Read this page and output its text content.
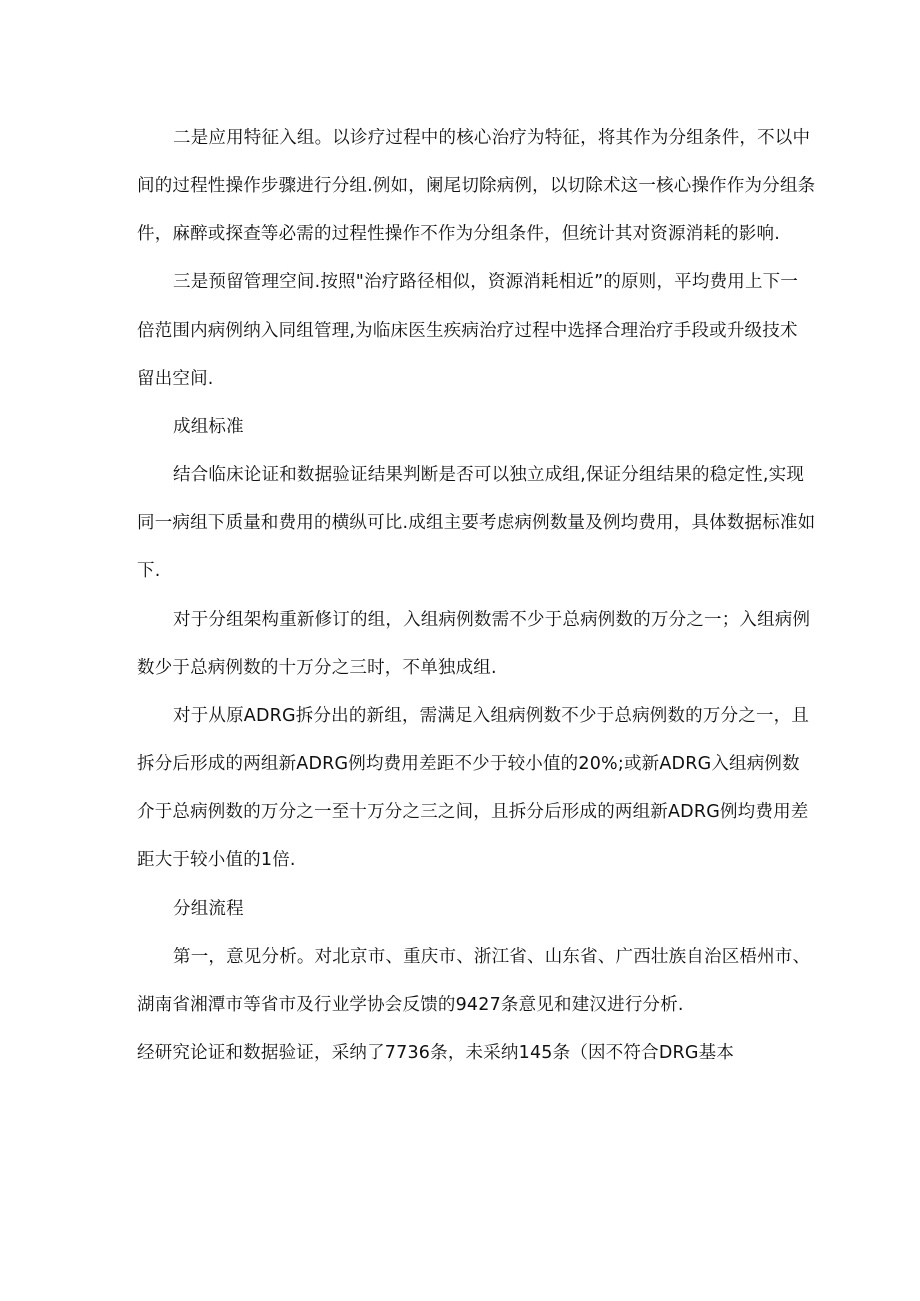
二是应用特征入组。以诊疗过程中的核心治疗为特征，将其作为分组条件，不以中
间的过程性操作步骤进行分组.例如，阑尾切除病例，以切除术这一核心操作作为分组条
件，麻醉或探查等必需的过程性操作不作为分组条件，但统计其对资源消耗的影响.
三是预留管理空间.按照"治疗路径相似，资源消耗相近”的原则，平均费用上下一
倍范围内病例纳入同组管理,为临床医生疾病治疗过程中选择合理治疗手段或升级技术
留出空间.
成组标准
结合临床论证和数据验证结果判断是否可以独立成组,保证分组结果的稳定性,实现
同一病组下质量和费用的横纵可比.成组主要考虑病例数量及例均费用，具体数据标准如
下.
对于分组架构重新修订的组，入组病例数需不少于总病例数的万分之一；入组病例
数少于总病例数的十万分之三时，不单独成组.
对于从原ADRG拆分出的新组，需满足入组病例数不少于总病例数的万分之一，且
拆分后形成的两组新ADRG例均费用差距不少于较小值的20%;或新ADRG入组病例数
介于总病例数的万分之一至十万分之三之间，且拆分后形成的两组新ADRG例均费用差
距大于较小值的1倍.
分组流程
第一，意见分析。对北京市、重庆市、浙江省、山东省、广西壮族自治区梧州市、
湖南省湘潭市等省市及行业学协会反馈的9427条意见和建汉进行分析.
经研究论证和数据验证，采纳了7736条，未采纳145条（因不符合DRG基本
